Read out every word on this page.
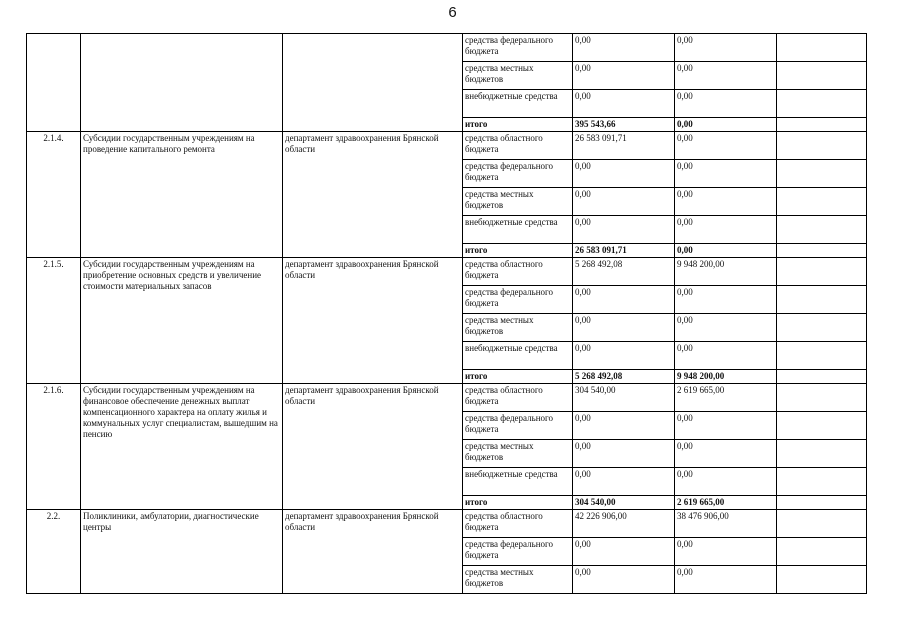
6
			средства федерального бюджета	0,00	0,00	
			средства местных бюджетов	0,00	0,00	
			внебюджетные средства	0,00	0,00	
			итого	395 543,66	0,00	
2.1.4.	Субсидии государственным учреждениям на проведение капитального ремонта	департамент здравоохранения Брянской области	средства областного бюджета	26 583 091,71	0,00	
			средства федерального бюджета	0,00	0,00	
			средства местных бюджетов	0,00	0,00	
			внебюджетные средства	0,00	0,00	
			итого	26 583 091,71	0,00	
2.1.5.	Субсидии государственным учреждениям на приобретение основных средств и увеличение стоимости материальных запасов	департамент здравоохранения Брянской области	средства областного бюджета	5 268 492,08	9 948 200,00	
			средства федерального бюджета	0,00	0,00	
			средства местных бюджетов	0,00	0,00	
			внебюджетные средства	0,00	0,00	
			итого	5 268 492,08	9 948 200,00	
2.1.6.	Субсидии государственным учреждениям на финансовое обеспечение денежных выплат компенсационного характера на оплату жилья и коммунальных услуг специалистам, вышедшим на пенсию	департамент здравоохранения Брянской области	средства областного бюджета	304 540,00	2 619 665,00	
			средства федерального бюджета	0,00	0,00	
			средства местных бюджетов	0,00	0,00	
			внебюджетные средства	0,00	0,00	
			итого	304 540,00	2 619 665,00	
2.2.	Поликлиники, амбулатории, диагностические центры	департамент здравоохранения Брянской области	средства областного бюджета	42 226 906,00	38 476 906,00	
			средства федерального бюджета	0,00	0,00	
			средства местных бюджетов	0,00	0,00	
